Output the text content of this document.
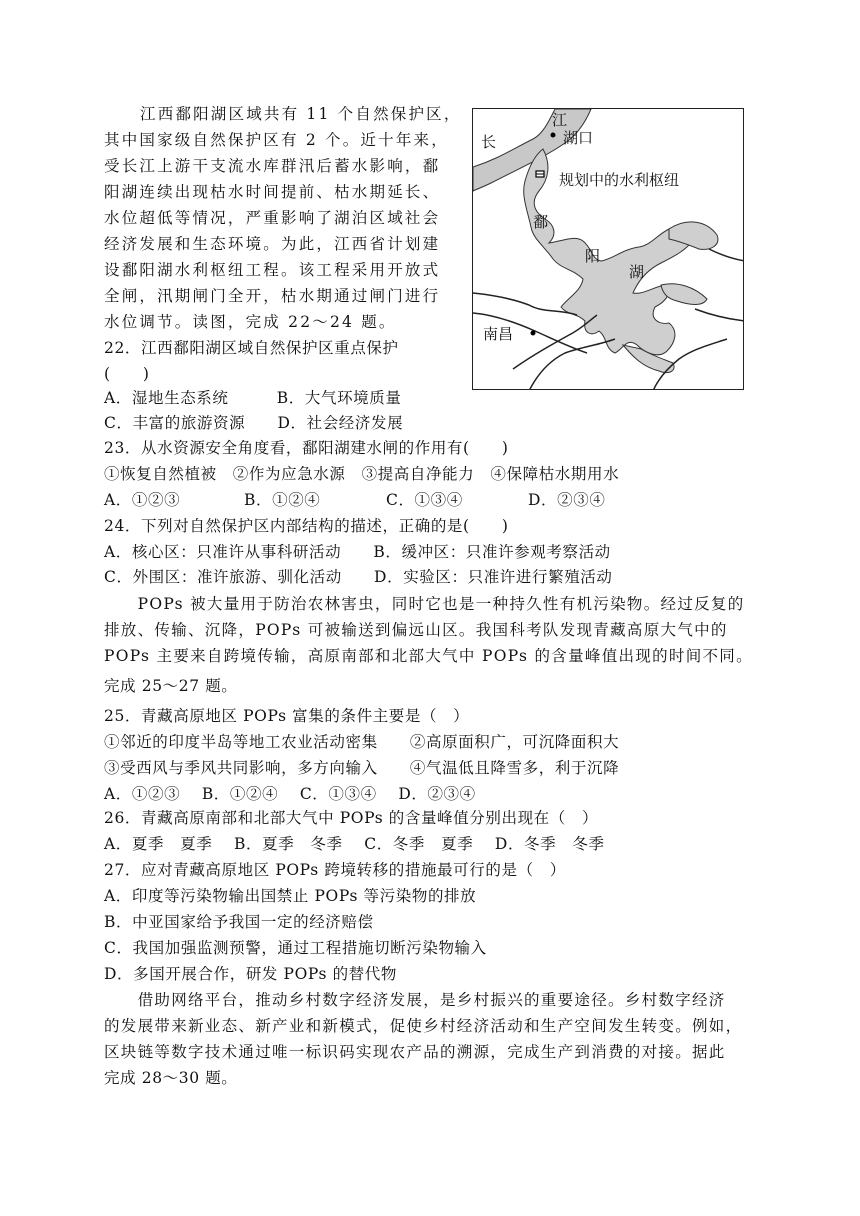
江西鄱阳湖区域共有 11 个自然保护区，
其中国家级自然保护区有 2 个。近十年来，
受长江上游干支流水库群汛后蓄水影响，鄱
阳湖连续出现枯水时间提前、枯水期延长、
水位超低等情况，严重影响了湖泊区域社会
经济发展和生态环境。为此，江西省计划建
设鄱阳湖水利枢纽工程。该工程采用开放式
全闸，汛期闸门全开，枯水期通过闸门进行
水位调节。读图，完成 22～24 题。
江
长	湖口
规划中的水利枢纽
鄱
阳
湖
南昌
22．江西鄱阳湖区域自然保护区重点保护
(　　)
A．湿地生态系统　　　B．大气环境质量
C．丰富的旅游资源　　D．社会经济发展
23．从水资源安全角度看，鄱阳湖建水闸的作用有(　　)
①恢复自然植被　②作为应急水源　③提高自净能力　④保障枯水期用水
A．①②③	B．①②④	C．①③④	D．②③④
24．下列对自然保护区内部结构的描述，正确的是(　　)
A．核心区：只准许从事科研活动　　B．缓冲区：只准许参观考察活动
C．外围区：准许旅游、驯化活动　　D．实验区：只准许进行繁殖活动
　　POPs 被大量用于防治农林害虫，同时它也是一种持久性有机污染物。经过反复的
排放、传输、沉降，POPs 可被输送到偏远山区。我国科考队发现青藏高原大气中的
POPs 主要来自跨境传输，高原南部和北部大气中 POPs 的含量峰值出现的时间不同。
完成 25～27 题。
25．青藏高原地区 POPs 富集的条件主要是（　）
①邻近的印度半岛等地工农业活动密集　　②高原面积广，可沉降面积大
③受西风与季风共同影响，多方向输入　　④气温低且降雪多，利于沉降
A．①②③　 B．①②④　 C．①③④　 D．②③④
26．青藏高原南部和北部大气中 POPs 的含量峰值分别出现在（　）
A．夏季　夏季　 B．夏季　冬季　 C．冬季　夏季　 D．冬季　冬季
27．应对青藏高原地区 POPs 跨境转移的措施最可行的是（　）
A．印度等污染物输出国禁止 POPs 等污染物的排放
B．中亚国家给予我国一定的经济赔偿
C．我国加强监测预警，通过工程措施切断污染物输入
D．多国开展合作，研发 POPs 的替代物
　　借助网络平台，推动乡村数字经济发展，是乡村振兴的重要途径。乡村数字经济
的发展带来新业态、新产业和新模式，促使乡村经济活动和生产空间发生转变。例如，
区块链等数字技术通过唯一标识码实现农产品的溯源，完成生产到消费的对接。据此
完成 28～30 题。
